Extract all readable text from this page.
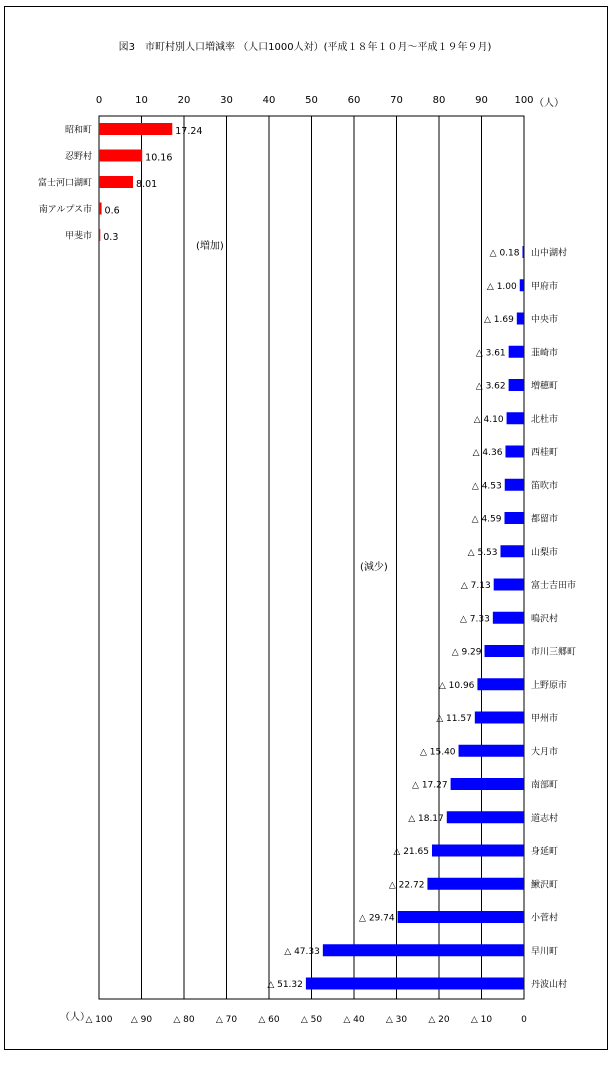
図3　市町村別人口増減率 （人口1000人対）(平成１８年１０月～平成１９年９月)
0	10	20	30	40	50	60	70	80	90	100 （人）
△ 100 △ 90 △ 80 △ 70 △ 60 △ 50 △ 40 △ 30 △ 20 △ 10	0
（人）
(増加)
(減少)
昭和町	17.24
忍野村	10.16
富士河口湖町	8.01
南アルプス市 0.6
甲斐市 0.3
山中湖村
△ 0.18
甲府市
△ 1.00
中央市
△ 1.69
韮崎市
△ 3.61
増穂町
△ 3.62
北杜市
△ 4.10
西桂町
△ 4.36
笛吹市
△ 4.53
都留市
△ 4.59
山梨市
△ 5.53
富士吉田市
△ 7.13
鳴沢村
△ 7.33
市川三郷町
△ 9.29
上野原市
△ 10.96
甲州市
△ 11.57
大月市
△ 15.40
南部町
△ 17.27
道志村
△ 18.17
身延町
△ 21.65
鰍沢町
△ 22.72
小菅村
△ 29.74
早川町
△ 47.33
丹波山村
△ 51.32
